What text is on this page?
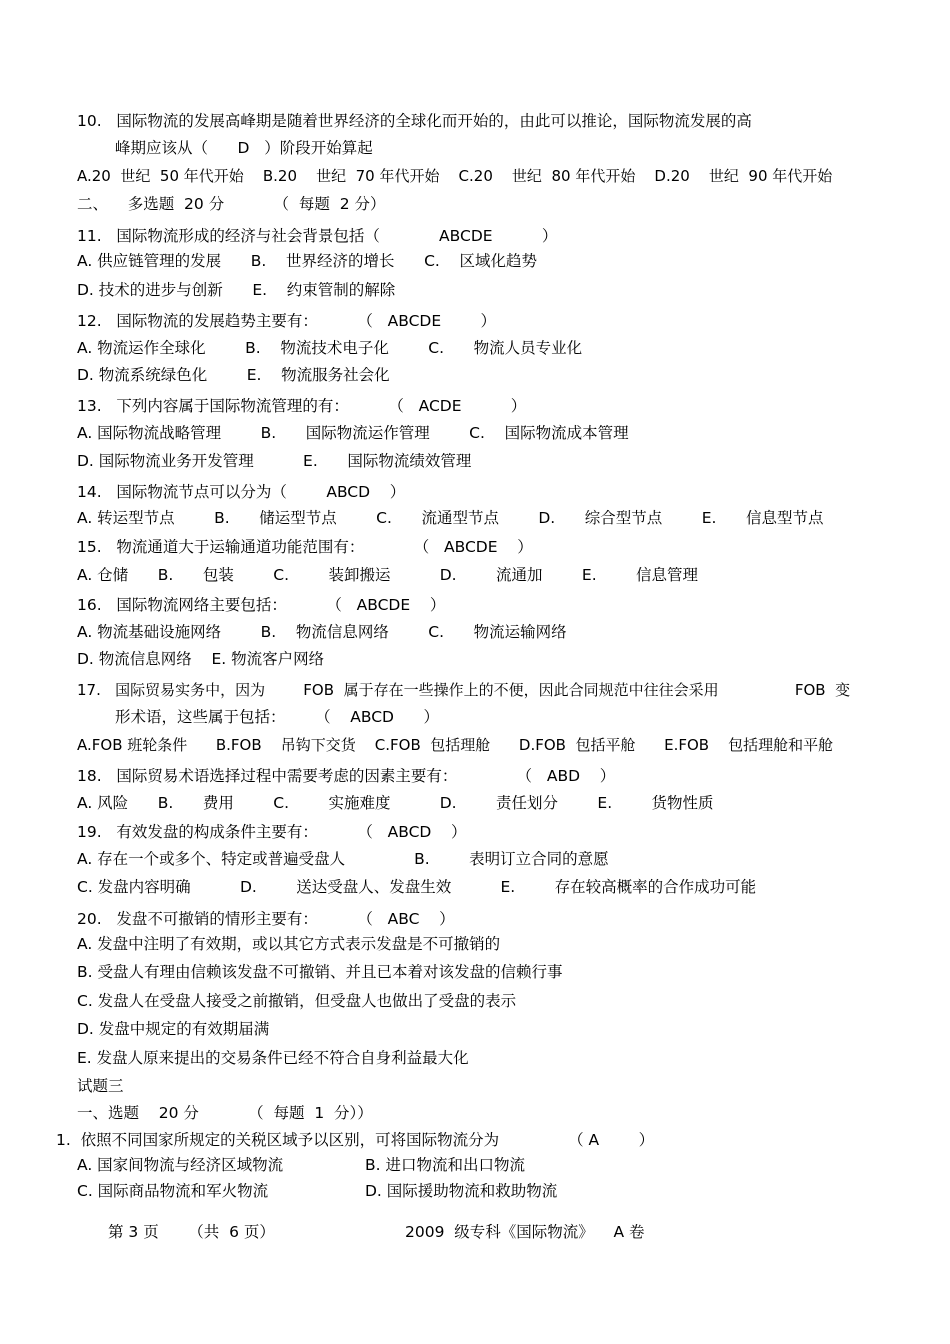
10.   国际物流的发展高峰期是随着世界经济的全球化而开始的，由此可以推论，国际物流发展的高
峰期应该从（      D   ）阶段开始算起
A.20  世纪  50 年代开始    B.20    世纪  70 年代开始    C.20    世纪  80 年代开始    D.20    世纪  90 年代开始
二、    多选题  20 分          （  每题  2 分）
11.   国际物流形成的经济与社会背景包括（            ABCDE          ）
A. 供应链管理的发展      B.    世界经济的增长      C.    区域化趋势
D. 技术的进步与创新      E.    约束管制的解除
12.   国际物流的发展趋势主要有：        （   ABCDE        ）
A. 物流运作全球化        B.    物流技术电子化        C.      物流人员专业化
D. 物流系统绿色化        E.    物流服务社会化
13.   下列内容属于国际物流管理的有：        （   ACDE          ）
A. 国际物流战略管理        B.      国际物流运作管理        C.    国际物流成本管理
D. 国际物流业务开发管理          E.      国际物流绩效管理
14.   国际物流节点可以分为（        ABCD    ）
A. 转运型节点        B.      储运型节点        C.      流通型节点        D.      综合型节点        E.      信息型节点
15.   物流通道大于运输通道功能范围有：          （   ABCDE    ）
A. 仓储      B.      包装        C.        装卸搬运          D.        流通加        E.        信息管理
16.   国际物流网络主要包括：        （   ABCDE    ）
A. 物流基础设施网络        B.    物流信息网络        C.      物流运输网络
D. 物流信息网络    E. 物流客户网络
17.   国际贸易实务中，因为        FOB  属于存在一些操作上的不便，因此合同规范中往往会采用                FOB  变
形术语，这些属于包括：      （    ABCD      ）
A.FOB 班轮条件      B.FOB    吊钩下交货    C.FOB  包括理舱      D.FOB  包括平舱      E.FOB    包括理舱和平舱
18.   国际贸易术语选择过程中需要考虑的因素主要有：            （   ABD    ）
A. 风险      B.      费用        C.        实施难度          D.        责任划分        E.        货物性质
19.   有效发盘的构成条件主要有：        （   ABCD    ）
A. 存在一个或多个、特定或普遍受盘人              B.        表明订立合同的意愿
C. 发盘内容明确          D.        送达受盘人、发盘生效          E.        存在较高概率的合作成功可能
20.   发盘不可撤销的情形主要有：        （   ABC    ）
A. 发盘中注明了有效期，或以其它方式表示发盘是不可撤销的
B. 受盘人有理由信赖该发盘不可撤销、并且已本着对该发盘的信赖行事
C. 发盘人在受盘人接受之前撤销，但受盘人也做出了受盘的表示
D. 发盘中规定的有效期届满
E. 发盘人原来提出的交易条件已经不符合自身利益最大化
试题三
一、选题    20 分          （  每题  1  分））
1.  依照不同国家所规定的关税区域予以区别，可将国际物流分为              （ A        ）
A. 国家间物流与经济区域物流	B. 进口物流和出口物流
C. 国际商品物流和军火物流	D. 国际援助物流和救助物流
第 3 页      （共  6 页）	2009  级专科《国际物流》    A 卷
